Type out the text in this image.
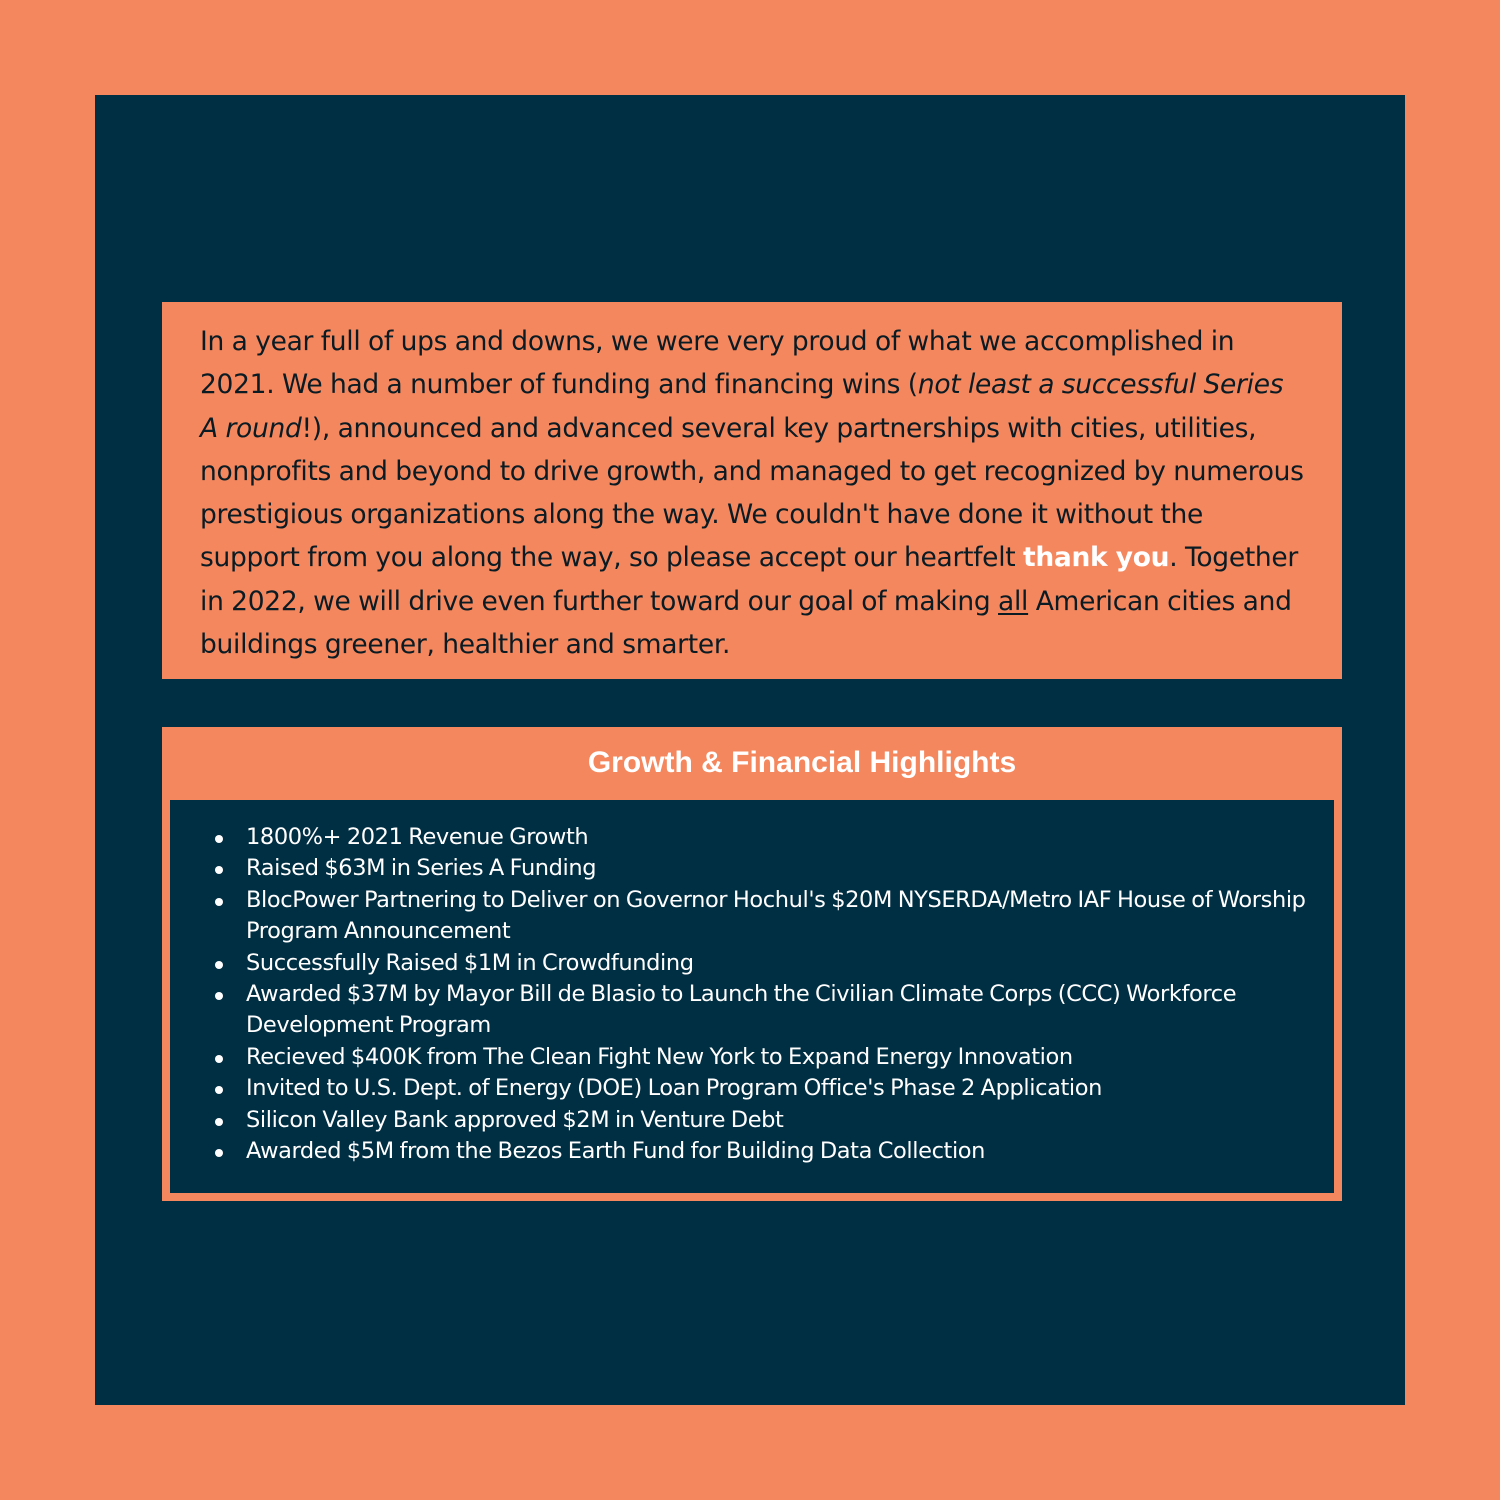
In a year full of ups and downs, we were very proud of what we accomplished in 2021. We had a number of funding and financing wins (not least a successful Series A round!), announced and advanced several key partnerships with cities, utilities, nonprofits and beyond to drive growth, and managed to get recognized by numerous prestigious organizations along the way. We couldn't have done it without the support from you along the way, so please accept our heartfelt thank you. Together in 2022, we will drive even further toward our goal of making all American cities and buildings greener, healthier and smarter.

Growth & Financial Highlights
1800%+ 2021 Revenue Growth
Raised $63M in Series A Funding
BlocPower Partnering to Deliver on Governor Hochul's $20M NYSERDA/Metro IAF House of Worship Program Announcement
Successfully Raised $1M in Crowdfunding
Awarded $37M by Mayor Bill de Blasio to Launch the Civilian Climate Corps (CCC) Workforce Development Program
Recieved $400K from The Clean Fight New York to Expand Energy Innovation
Invited to U.S. Dept. of Energy (DOE) Loan Program Office's Phase 2 Application
Silicon Valley Bank approved $2M in Venture Debt
Awarded $5M from the Bezos Earth Fund for Building Data Collection
